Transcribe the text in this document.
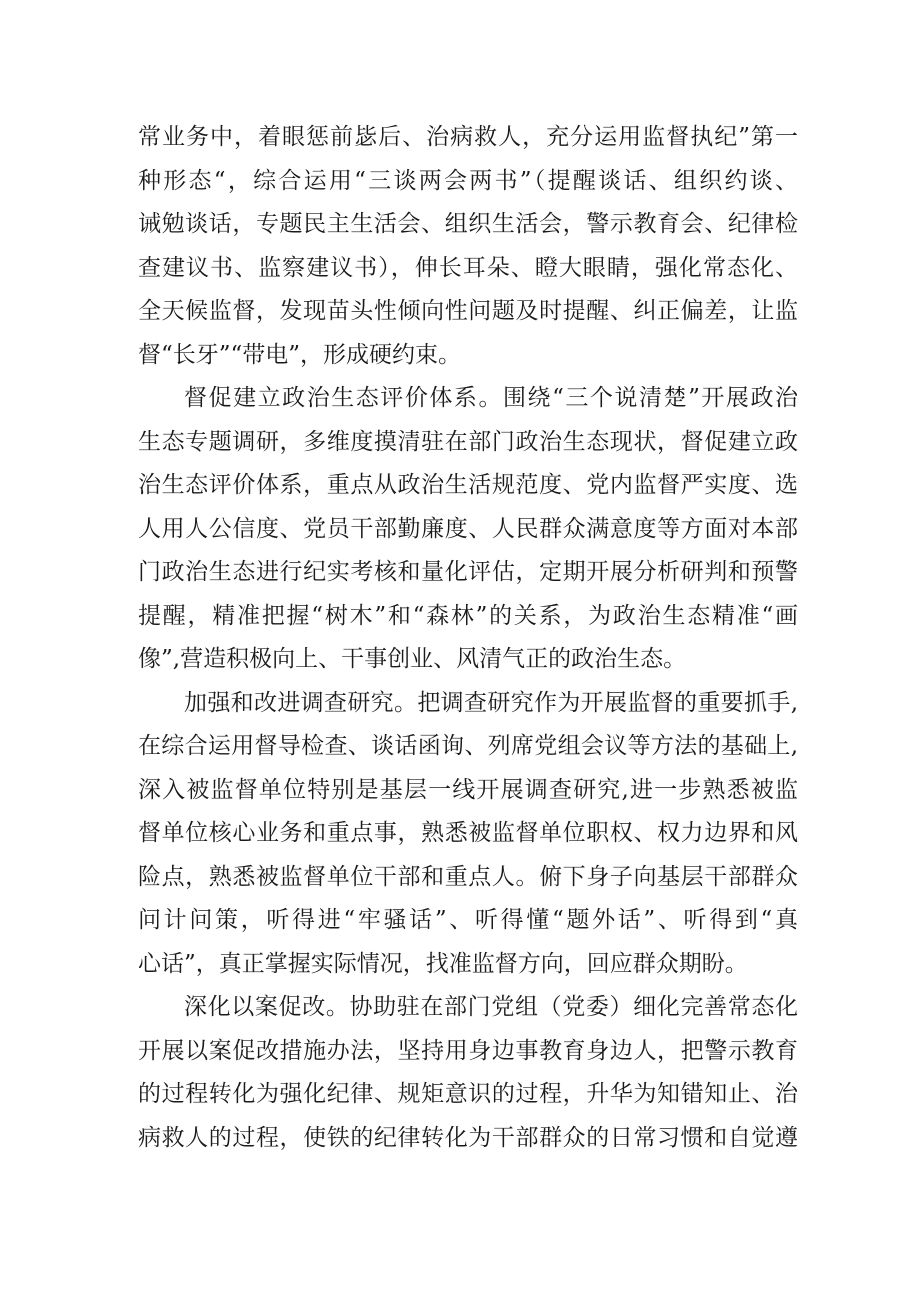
常业务中，着眼惩前毖后、治病救人，充分运用监督执纪”第一
种形态“，综合运用“三谈两会两书”（提醒谈话、组织约谈、
诫勉谈话，专题民主生活会、组织生活会，警示教育会、纪律检
查建议书、监察建议书），伸长耳朵、瞪大眼睛，强化常态化、
全天候监督，发现苗头性倾向性问题及时提醒、纠正偏差，让监
督“长牙”“带电”，形成硬约束。
督促建立政治生态评价体系。围绕“三个说清楚”开展政治
生态专题调研，多维度摸清驻在部门政治生态现状，督促建立政
治生态评价体系，重点从政治生活规范度、党内监督严实度、选
人用人公信度、党员干部勤廉度、人民群众满意度等方面对本部
门政治生态进行纪实考核和量化评估，定期开展分析研判和预警
提醒，精准把握“树木”和“森林”的关系，为政治生态精准“画
像”,营造积极向上、干事创业、风清气正的政治生态。
加强和改进调查研究。把调查研究作为开展监督的重要抓手,
在综合运用督导检查、谈话函询、列席党组会议等方法的基础上,
深入被监督单位特别是基层一线开展调查研究,进一步熟悉被监
督单位核心业务和重点事，熟悉被监督单位职权、权力边界和风
险点，熟悉被监督单位干部和重点人。俯下身子向基层干部群众
问计问策，听得进“牢骚话”、听得懂“题外话”、听得到“真
心话”，真正掌握实际情况，找准监督方向，回应群众期盼。
深化以案促改。协助驻在部门党组（党委）细化完善常态化
开展以案促改措施办法，坚持用身边事教育身边人，把警示教育
的过程转化为强化纪律、规矩意识的过程，升华为知错知止、治
病救人的过程，使铁的纪律转化为干部群众的日常习惯和自觉遵
